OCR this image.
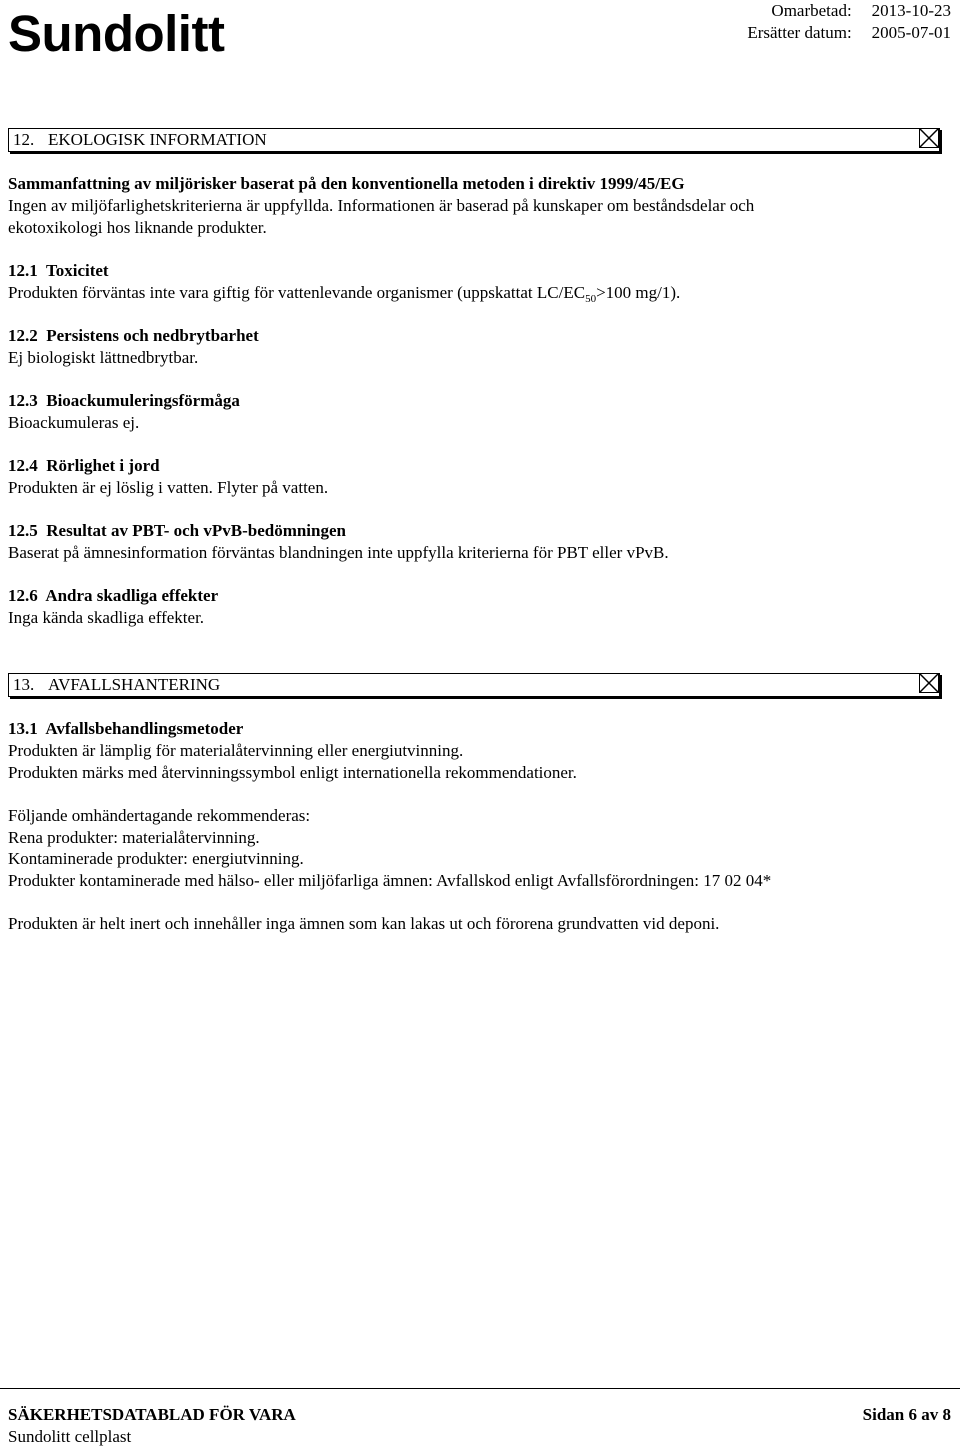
Sundolitt	Omarbetad:	2013-10-23
Ersätter datum:	2005-07-01
12. EKOLOGISK INFORMATION
Sammanfattning av miljörisker baserat på den konventionella metoden i direktiv 1999/45/EG
Ingen av miljöfarlighetskriterierna är uppfyllda. Informationen är baserad på kunskaper om beståndsdelar och
ekotoxikologi hos liknande produkter.
12.1 Toxicitet
Produkten förväntas inte vara giftig för vattenlevande organismer (uppskattat $LC/EC_{50}>100$ mg/1).
12.2 Persistens och nedbrytbarhet
Ej biologiskt lättnedbrytbar.
12.3 Bioackumuleringsförmåga
Bioackumuleras ej.
12.4 Rörlighet i jord
Produkten är ej löslig i vatten. Flyter på vatten.
12.5 Resultat av PBT- och vPvB-bedömningen
Baserat på ämnesinformation förväntas blandningen inte uppfylla kriterierna för PBT eller vPvB.
12.6 Andra skadliga effekter
Inga kända skadliga effekter.
13. AVFALLSHANTERING
13.1 Avfallsbehandlingsmetoder
Produkten är lämplig för materialåtervinning eller energiutvinning.
Produkten märks med återvinningssymbol enligt internationella rekommendationer.
Följande omhändertagande rekommenderas:
Rena produkter: materialåtervinning.
Kontaminerade produkter: energiutvinning.
Produkter kontaminerade med hälso- eller miljöfarliga ämnen: Avfallskod enligt Avfallsförordningen: 17 02 04*
Produkten är helt inert och innehåller inga ämnen som kan lakas ut och förorena grundvatten vid deponi.
SÄKERHETSDATABLAD FÖR VARA
Sundolitt cellplast
Sidan 6 av 8
